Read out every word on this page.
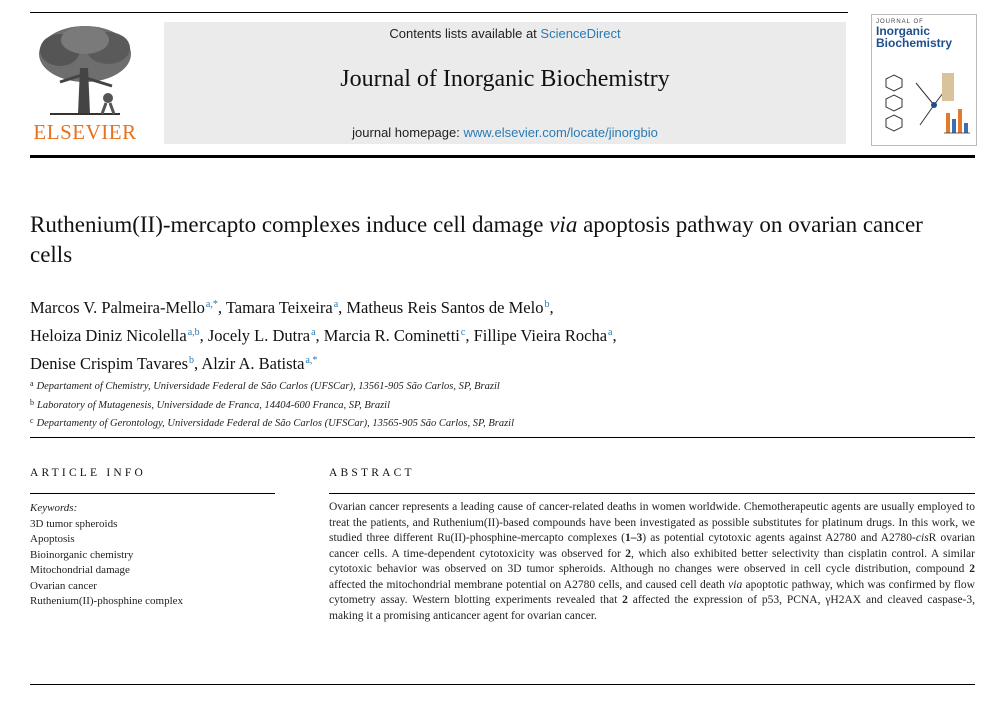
ELSEVIER
Contents lists available at ScienceDirect
Journal of Inorganic Biochemistry
journal homepage: www.elsevier.com/locate/jinorgbio
JOURNAL OF
Inorganic
Biochemistry
Ruthenium(II)-mercapto complexes induce cell damage via apoptosis pathway on ovarian cancer cells
Marcos V. Palmeira-Mello$^{a,*}$, Tamara Teixeira$^a$, Matheus Reis Santos de Melo$^b$,
Heloiza Diniz Nicolella$^{a,b}$, Jocely L. Dutra$^a$, Marcia R. Cominetti$^c$, Fillipe Vieira Rocha$^a$,
Denise Crispim Tavares$^b$, Alzir A. Batista$^{a,*}$
$^a$ Departament of Chemistry, Universidade Federal de São Carlos (UFSCar), 13561-905 São Carlos, SP, Brazil
$^b$ Laboratory of Mutagenesis, Universidade de Franca, 14404-600 Franca, SP, Brazil
$^c$ Departamenty of Gerontology, Universidade Federal de São Carlos (UFSCar), 13565-905 São Carlos, SP, Brazil
ARTICLE INFO	ABSTRACT
Keywords:
3D tumor spheroids
Apoptosis
Bioinorganic chemistry
Mitochondrial damage
Ovarian cancer
Ruthenium(II)-phosphine complex

Ovarian cancer represents a leading cause of cancer-related deaths in women worldwide. Chemotherapeutic agents are usually employed to treat the patients, and Ruthenium(II)-based compounds have been investigated as possible substitutes for platinum drugs. In this work, we studied three different Ru(II)-phosphine-mercapto complexes (1–3) as potential cytotoxic agents against A2780 and A2780-cisR ovarian cancer cells. A time-dependent cytotoxicity was observed for 2, which also exhibited better selectivity than cisplatin control. A similar cytotoxic behavior was observed on 3D tumor spheroids. Although no changes were observed in cell cycle distribution, compound 2 affected the mitochondrial membrane potential on A2780 cells, and caused cell death via apoptotic pathway, which was confirmed by flow cytometry assay. Western blotting experiments revealed that 2 affected the expression of p53, PCNA, γH2AX and cleaved caspase-3, making it a promising anticancer agent for ovarian cancer.
